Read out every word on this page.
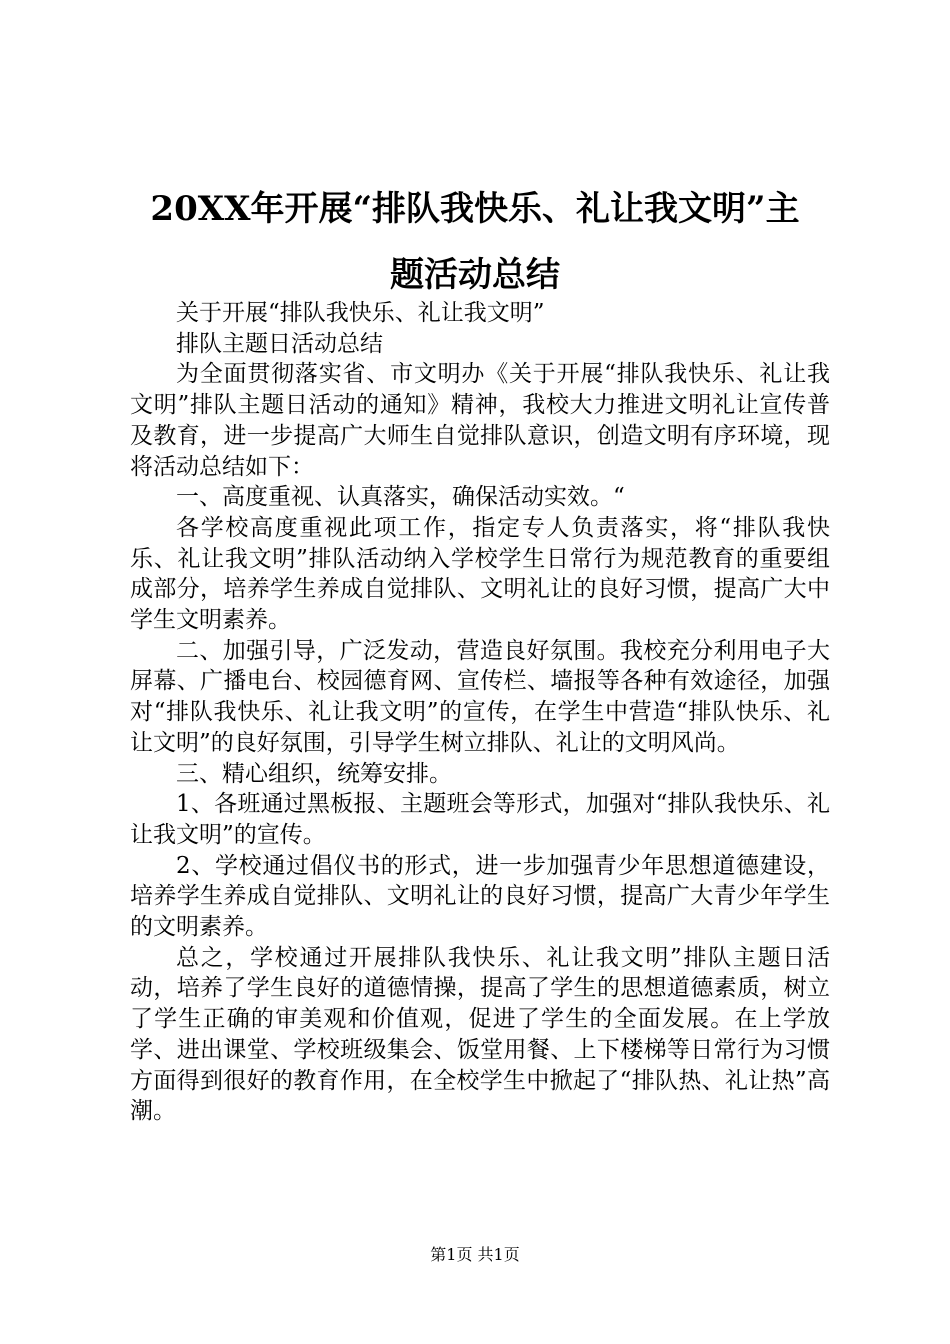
20XX年开展“排队我快乐、礼让我文明”主
题活动总结

关于开展“排队我快乐、礼让我文明”

排队主题日活动总结

为全面贯彻落实省、市文明办《关于开展“排队我快乐、礼让我文明”排队主题日活动的通知》精神，我校大力推进文明礼让宣传普及教育，进一步提高广大师生自觉排队意识，创造文明有序环境，现将活动总结如下：

一、高度重视、认真落实，确保活动实效。“

各学校高度重视此项工作，指定专人负责落实，将“排队我快乐、礼让我文明”排队活动纳入学校学生日常行为规范教育的重要组成部分，培养学生养成自觉排队、文明礼让的良好习惯，提高广大中学生文明素养。

二、加强引导，广泛发动，营造良好氛围。我校充分利用电子大屏幕、广播电台、校园德育网、宣传栏、墙报等各种有效途径，加强对“排队我快乐、礼让我文明”的宣传，在学生中营造“排队快乐、礼让文明”的良好氛围，引导学生树立排队、礼让的文明风尚。

三、精心组织，统筹安排。

1、各班通过黑板报、主题班会等形式，加强对“排队我快乐、礼让我文明”的宣传。

2、学校通过倡仪书的形式，进一步加强青少年思想道德建设，培养学生养成自觉排队、文明礼让的良好习惯，提高广大青少年学生的文明素养。

总之，学校通过开展排队我快乐、礼让我文明”排队主题日活动，培养了学生良好的道德情操，提高了学生的思想道德素质，树立了学生正确的审美观和价值观，促进了学生的全面发展。在上学放学、进出课堂、学校班级集会、饭堂用餐、上下楼梯等日常行为习惯方面得到很好的教育作用，在全校学生中掀起了“排队热、礼让热”高潮。

第1页 共1页
